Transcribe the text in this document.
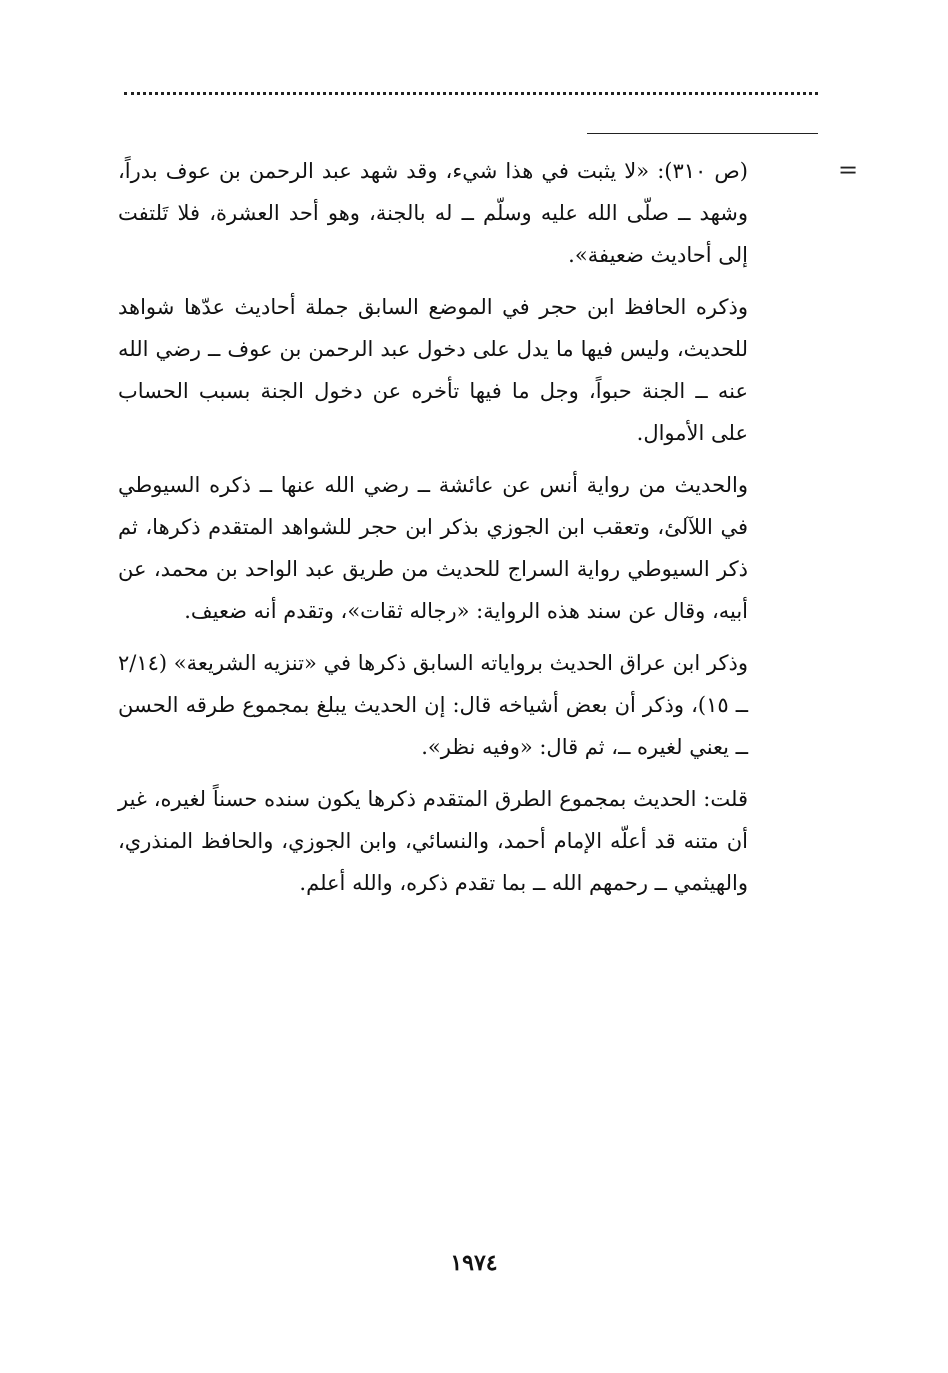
=

(ص ٣١٠): «لا يثبت في هذا شيء، وقد شهد عبد الرحمن بن عوف بدراً، وشهد ــ صلّى الله عليه وسلّم ــ له بالجنة، وهو أحد العشرة، فلا تَلتفت إلى أحاديث ضعيفة».

وذكره الحافظ ابن حجر في الموضع السابق جملة أحاديث عدّها شواهد للحديث، وليس فيها ما يدل على دخول عبد الرحمن بن عوف ــ رضي الله عنه ــ الجنة حبواً، وجل ما فيها تأخره عن دخول الجنة بسبب الحساب على الأموال.

والحديث من رواية أنس عن عائشة ــ رضي الله عنها ــ ذكره السيوطي في اللآلئ، وتعقب ابن الجوزي بذكر ابن حجر للشواهد المتقدم ذكرها، ثم ذكر السيوطي رواية السراج للحديث من طريق عبد الواحد بن محمد، عن أبيه، وقال عن سند هذه الرواية: «رجاله ثقات»، وتقدم أنه ضعيف.

وذكر ابن عراق الحديث برواياته السابق ذكرها في «تنزيه الشريعة» (٢/١٤ ــ ١٥)، وذكر أن بعض أشياخه قال: إن الحديث يبلغ بمجموع طرقه الحسن ــ يعني لغيره ــ، ثم قال: «وفيه نظر».

قلت: الحديث بمجموع الطرق المتقدم ذكرها يكون سنده حسناً لغيره، غير أن متنه قد أعلّه الإمام أحمد، والنسائي، وابن الجوزي، والحافظ المنذري، والهيثمي ــ رحمهم الله ــ بما تقدم ذكره، والله أعلم.

١٩٧٤
